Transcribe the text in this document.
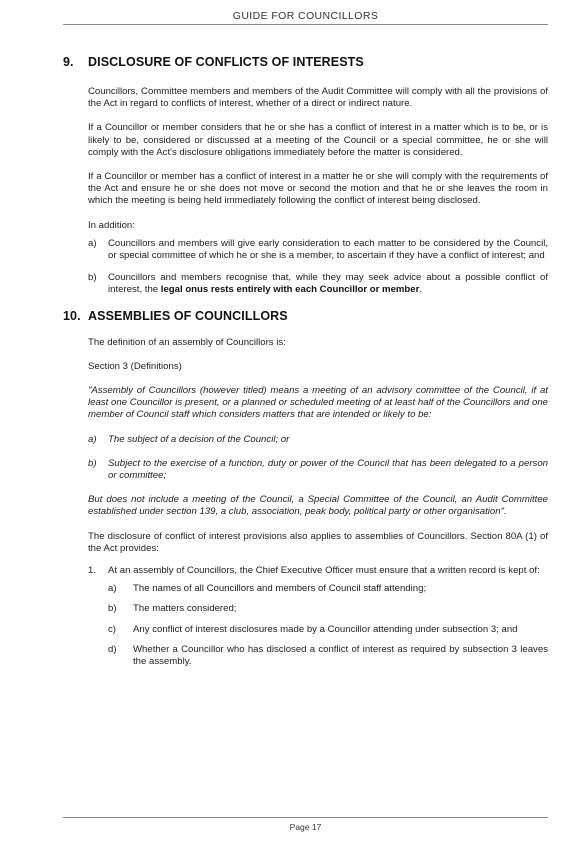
GUIDE FOR COUNCILLORS
9.	DISCLOSURE OF CONFLICTS OF INTERESTS

Councillors, Committee members and members of the Audit Committee will comply with all the provisions of the Act in regard to conflicts of interest, whether of a direct or indirect nature.

If a Councillor or member considers that he or she has a conflict of interest in a matter which is to be, or is likely to be, considered or discussed at a meeting of the Council or a special committee, he or she will comply with the Act's disclosure obligations immediately before the matter is considered.

If a Councillor or member has a conflict of interest in a matter he or she will comply with the requirements of the Act and ensure he or she does not move or second the motion and that he or she leaves the room in which the meeting is being held immediately following the conflict of interest being disclosed.

In addition:

a)	Councillors and members will give early consideration to each matter to be considered by the Council, or special committee of which he or she is a member, to ascertain if they have a conflict of interest; and
b)	Councillors and members recognise that, while they may seek advice about a possible conflict of interest, the legal onus rests entirely with each Councillor or member.
10. ASSEMBLIES OF COUNCILLORS

The definition of an assembly of Councillors is:

Section 3 (Definitions)

"Assembly of Councillors (however titled) means a meeting of an advisory committee of the Council, if at least one Councillor is present, or a planned or scheduled meeting of at least half of the Councillors and one member of Council staff which considers matters that are intended or likely to be:

a)	The subject of a decision of the Council; or
b)	Subject to the exercise of a function, duty or power of the Council that has been delegated to a person or committee;

But does not include a meeting of the Council, a Special Committee of the Council, an Audit Committee established under section 139, a club, association, peak body, political party or other organisation".

The disclosure of conflict of interest provisions also applies to assemblies of Councillors. Section 80A (1) of the Act provides:

1.	At an assembly of Councillors, the Chief Executive Officer must ensure that a written record is kept of:
a)	The names of all Councillors and members of Council staff attending;
b)	The matters considered;
c)	Any conflict of interest disclosures made by a Councillor attending under subsection 3; and
d)	Whether a Councillor who has disclosed a conflict of interest as required by subsection 3 leaves the assembly.
Page 17
